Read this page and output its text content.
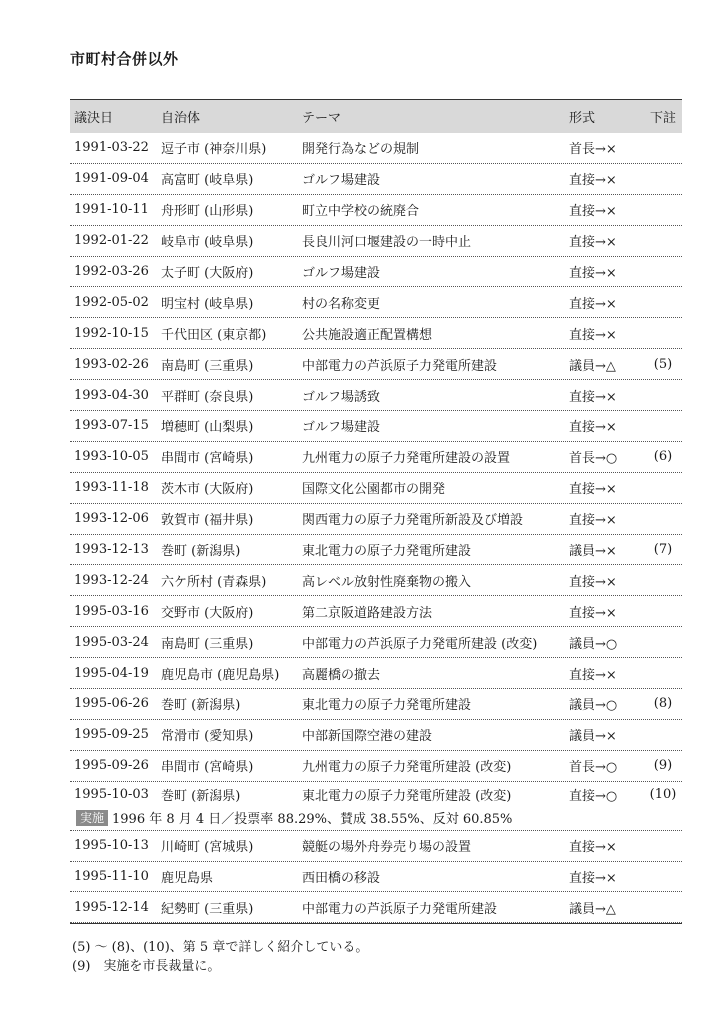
市町村合併以外
議決日	自治体	テーマ	形式	下註
1991-03-22 逗子市 (神奈川県)	開発行為などの規制	首長→×
1991-09-04 高富町 (岐阜県)	ゴルフ場建設	直接→×
1991-10-11 舟形町 (山形県)	町立中学校の統廃合	直接→×
1992-01-22 岐阜市 (岐阜県)	長良川河口堰建設の一時中止	直接→×
1992-03-26 太子町 (大阪府)	ゴルフ場建設	直接→×
1992-05-02 明宝村 (岐阜県)	村の名称変更	直接→×
1992-10-15 千代田区 (東京都)	公共施設適正配置構想	直接→×
1993-02-26 南島町 (三重県)	中部電力の芦浜原子力発電所建設	議員→△	(5)
1993-04-30 平群町 (奈良県)	ゴルフ場誘致	直接→×
1993-07-15 増穂町 (山梨県)	ゴルフ場建設	直接→×
1993-10-05 串間市 (宮崎県)	九州電力の原子力発電所建設の設置	首長→○	(6)
1993-11-18 茨木市 (大阪府)	国際文化公園都市の開発	直接→×
1993-12-06 敦賀市 (福井県)	関西電力の原子力発電所新設及び増設	直接→×
1993-12-13 巻町 (新潟県)	東北電力の原子力発電所建設	議員→×	(7)
1993-12-24 六ケ所村 (青森県)	高レベル放射性廃棄物の搬入	直接→×
1995-03-16 交野市 (大阪府)	第二京阪道路建設方法	直接→×
1995-03-24 南島町 (三重県)	中部電力の芦浜原子力発電所建設 (改変)	議員→○
1995-04-19 鹿児島市 (鹿児島県)	高麗橋の撤去	直接→×
1995-06-26 巻町 (新潟県)	東北電力の原子力発電所建設	議員→○	(8)
1995-09-25 常滑市 (愛知県)	中部新国際空港の建設	議員→×
1995-09-26 串間市 (宮崎県)	九州電力の原子力発電所建設 (改変)	首長→○	(9)
1995-10-03 巻町 (新潟県)	東北電力の原子力発電所建設 (改変)	直接→○	(10)
実施 1996 年 8 月 4 日／投票率 88.29%、賛成 38.55%、反対 60.85%
1995-10-13 川崎町 (宮城県)	競艇の場外舟券売り場の設置	直接→×
1995-11-10 鹿児島県	西田橋の移設	直接→×
1995-12-14 紀勢町 (三重県)	中部電力の芦浜原子力発電所建設	議員→△
(5) ～ (8)、(10)、第 5 章で詳しく紹介している。
(9)　実施を市長裁量に。
